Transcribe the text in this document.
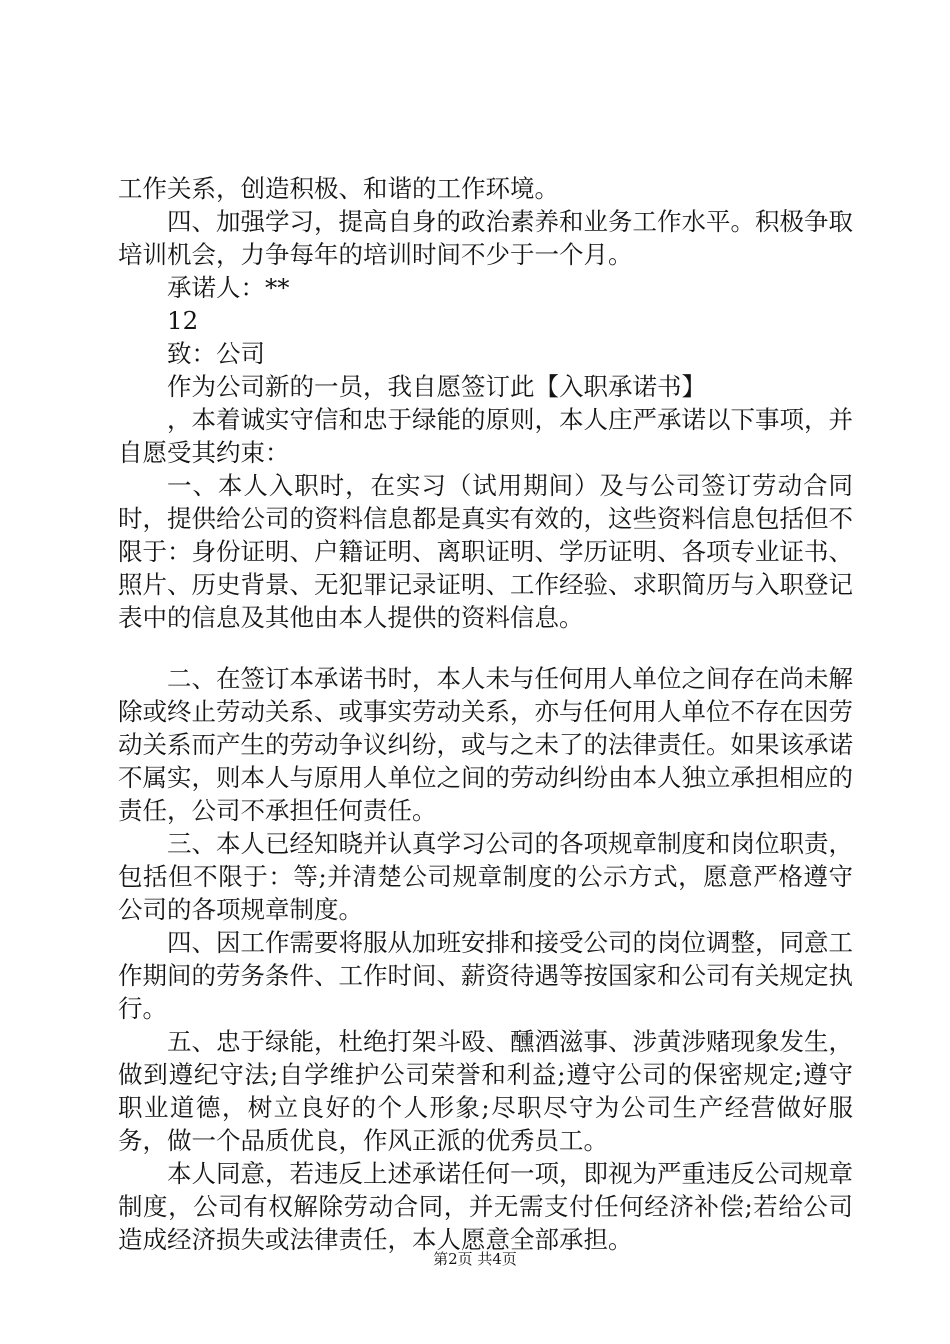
工作关系，创造积极、和谐的工作环境。

四、加强学习，提高自身的政治素养和业务工作水平。积极争取培训机会，力争每年的培训时间不少于一个月。

承诺人：**

12

致：公司

作为公司新的一员，我自愿签订此【入职承诺书】

，本着诚实守信和忠于绿能的原则，本人庄严承诺以下事项，并自愿受其约束：

一、本人入职时，在实习（试用期间）及与公司签订劳动合同时，提供给公司的资料信息都是真实有效的，这些资料信息包括但不限于：身份证明、户籍证明、离职证明、学历证明、各项专业证书、照片、历史背景、无犯罪记录证明、工作经验、求职简历与入职登记表中的信息及其他由本人提供的资料信息。

二、在签订本承诺书时，本人未与任何用人单位之间存在尚未解除或终止劳动关系、或事实劳动关系，亦与任何用人单位不存在因劳动关系而产生的劳动争议纠纷，或与之未了的法律责任。如果该承诺不属实，则本人与原用人单位之间的劳动纠纷由本人独立承担相应的责任，公司不承担任何责任。

三、本人已经知晓并认真学习公司的各项规章制度和岗位职责，包括但不限于：等;并清楚公司规章制度的公示方式，愿意严格遵守公司的各项规章制度。

四、因工作需要将服从加班安排和接受公司的岗位调整，同意工作期间的劳务条件、工作时间、薪资待遇等按国家和公司有关规定执行。

五、忠于绿能，杜绝打架斗殴、醺酒滋事、涉黄涉赌现象发生，做到遵纪守法;自学维护公司荣誉和利益;遵守公司的保密规定;遵守职业道德，树立良好的个人形象;尽职尽守为公司生产经营做好服务，做一个品质优良，作风正派的优秀员工。

本人同意，若违反上述承诺任何一项，即视为严重违反公司规章制度，公司有权解除劳动合同，并无需支付任何经济补偿;若给公司造成经济损失或法律责任，本人愿意全部承担。

第2页 共4页
